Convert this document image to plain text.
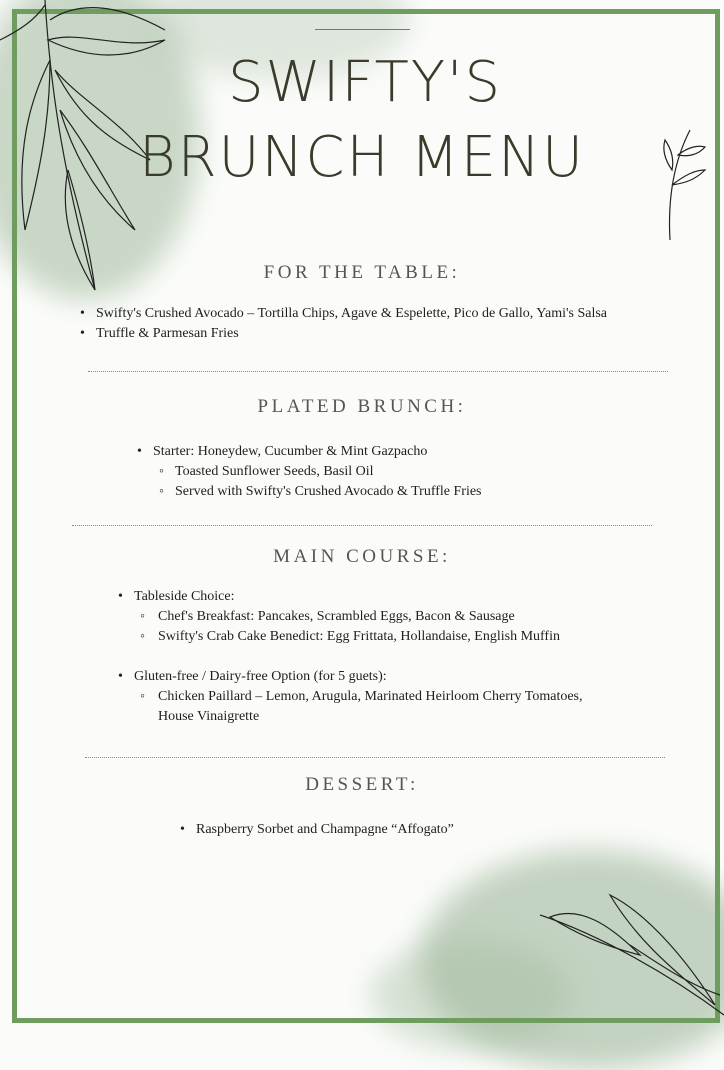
SWIFTY'S
BRUNCH MENU
FOR THE TABLE:
• Swifty's Crushed Avocado – Tortilla Chips, Agave & Espelette, Pico de Gallo, Yami's Salsa
• Truffle & Parmesan Fries
PLATED BRUNCH:
• Starter: Honeydew, Cucumber & Mint Gazpacho
◦ Toasted Sunflower Seeds, Basil Oil
◦ Served with Swifty's Crushed Avocado & Truffle Fries
MAIN COURSE:
• Tableside Choice:
◦ Chef's Breakfast: Pancakes, Scrambled Eggs, Bacon & Sausage
◦ Swifty's Crab Cake Benedict: Egg Frittata, Hollandaise, English Muffin
• Gluten-free / Dairy-free Option (for 5 guets):
◦ Chicken Paillard – Lemon, Arugula, Marinated Heirloom Cherry Tomatoes,
House Vinaigrette
DESSERT:
• Raspberry Sorbet and Champagne “Affogato”
